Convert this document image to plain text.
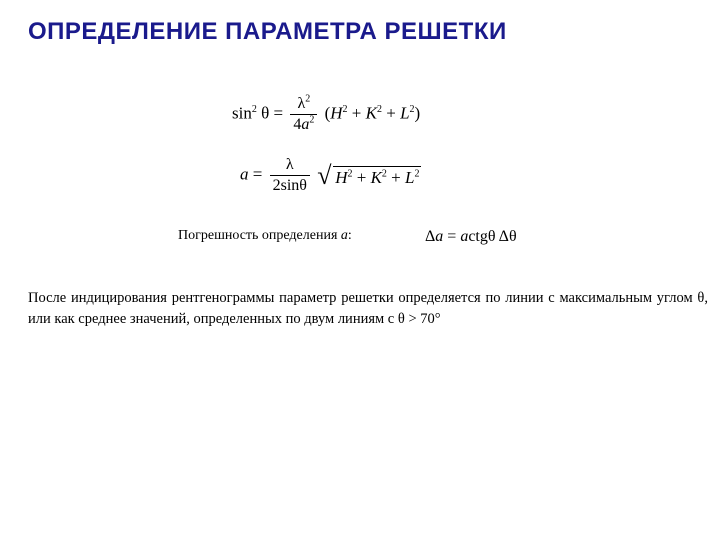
ОПРЕДЕЛЕНИЕ ПАРАМЕТРА РЕШЕТКИ
$\sin^2 \theta = \frac{\lambda^2}{4a^2} (H^2 + K^2 + L^2)$
$a = \frac{\lambda}{2\sin\theta}$
√ $H^2 + K^2 + L^2$
Погрешность определения a:	Δa = actgθ Δθ
После индицирования рентгенограммы параметр решетки определяется по линии с максимальным углом θ, или как среднее значений, определенных по двум линиям с θ > 70°
